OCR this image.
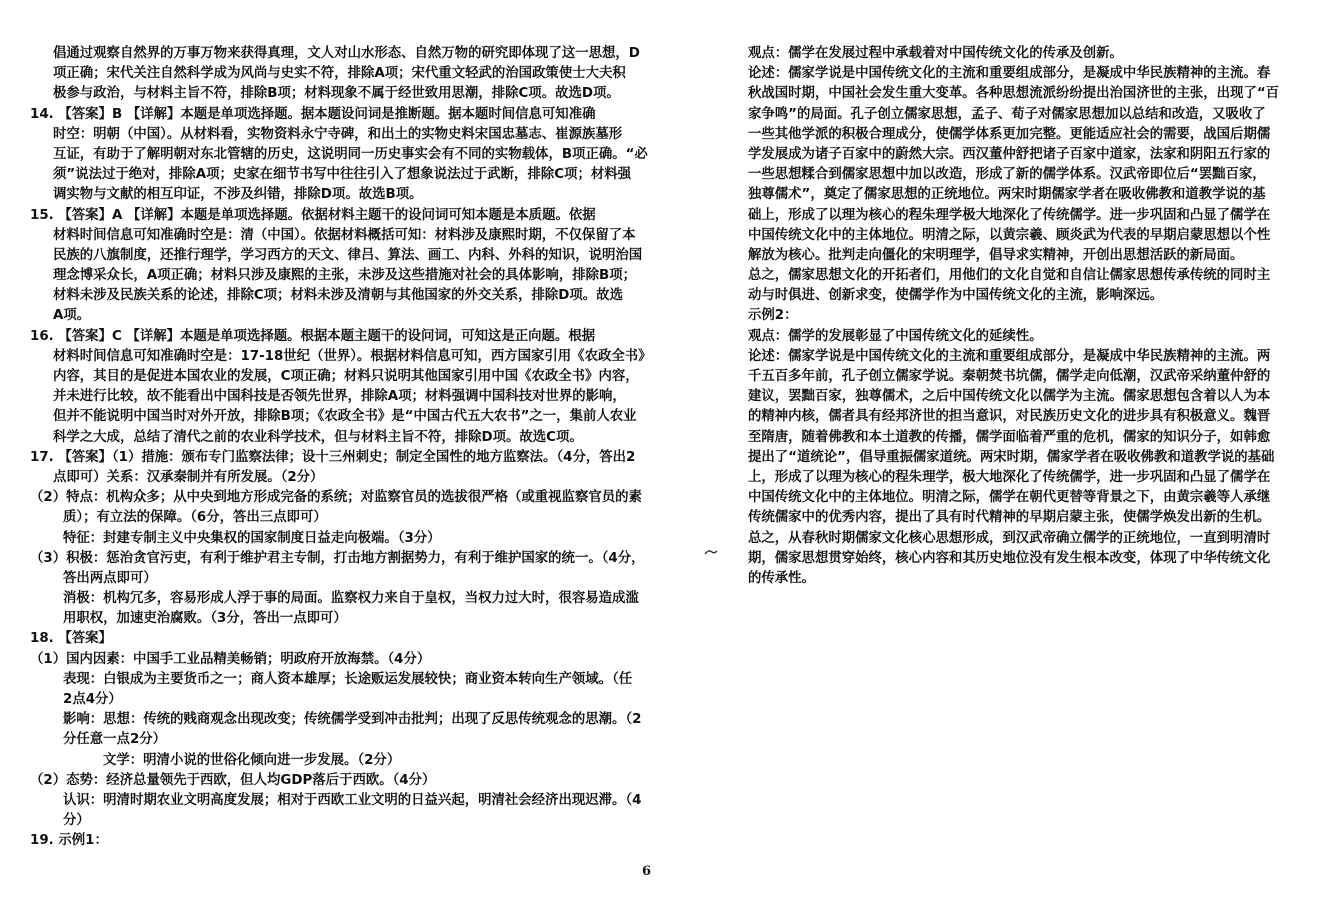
倡通过观察自然界的万事万物来获得真理，文人对山水形态、自然万物的研究即体现了这一思想，D
项正确；宋代关注自然科学成为风尚与史实不符，排除A项；宋代重文轻武的治国政策使士大夫积
极参与政治，与材料主旨不符，排除B项；材料现象不属于经世致用思潮，排除C项。故选D项。
14. 【答案】B 【详解】本题是单项选择题。据本题设问词是推断题。据本题时间信息可知准确
时空：明朝（中国）。从材料看，实物资料永宁寺碑，和出土的实物史料宋国忠墓志、崔源族墓形
互证，有助于了解明朝对东北管辖的历史，这说明同一历史事实会有不同的实物载体，B项正确。“必
须”说法过于绝对，排除A项；史家在细节书写中往往引入了想象说法过于武断，排除C项；材料强
调实物与文献的相互印证，不涉及纠错，排除D项。故选B项。
15. 【答案】A 【详解】本题是单项选择题。依据材料主题干的设问词可知本题是本质题。依据
材料时间信息可知准确时空是：清（中国）。依据材料概括可知：材料涉及康熙时期，不仅保留了本
民族的八旗制度，还推行理学，学习西方的天文、律吕、算法、画工、内科、外科的知识，说明治国
理念博采众长，A项正确；材料只涉及康熙的主张，未涉及这些措施对社会的具体影响，排除B项；
材料未涉及民族关系的论述，排除C项；材料未涉及清朝与其他国家的外交关系，排除D项。故选
A项。
16. 【答案】C 【详解】本题是单项选择题。根据本题主题干的设问词，可知这是正向题。根据
材料时间信息可知准确时空是：17-18世纪（世界）。根据材料信息可知，西方国家引用《农政全书》
内容，其目的是促进本国农业的发展，C项正确；材料只说明其他国家引用中国《农政全书》内容，
并未进行比较，故不能看出中国科技是否领先世界，排除A项；材料强调中国科技对世界的影响，
但并不能说明中国当时对外开放，排除B项；《农政全书》是“中国古代五大农书”之一，集前人农业
科学之大成，总结了清代之前的农业科学技术，但与材料主旨不符，排除D项。故选C项。
17. 【答案】（1）措施：颁布专门监察法律；设十三州刺史；制定全国性的地方监察法。（4分，答出2
点即可）关系：汉承秦制并有所发展。（2分）
（2）特点：机构众多；从中央到地方形成完备的系统；对监察官员的选拔很严格（或重视监察官员的素
质）；有立法的保障。（6分，答出三点即可）
特征：封建专制主义中央集权的国家制度日益走向极端。（3分）
（3）积极：惩治贪官污吏，有利于维护君主专制，打击地方割据势力，有利于维护国家的统一。（4分，
答出两点即可）
消极：机构冗多，容易形成人浮于事的局面。监察权力来自于皇权，当权力过大时，很容易造成滥
用职权，加速吏治腐败。（3分，答出一点即可）
18. 【答案】
（1）国内因素：中国手工业品精美畅销；明政府开放海禁。（4分）
表现：白银成为主要货币之一；商人资本雄厚；长途贩运发展较快；商业资本转向生产领域。（任
2点4分）
影响：思想：传统的贱商观念出现改变；传统儒学受到冲击批判；出现了反思传统观念的思潮。（2
分任意一点2分）
文学：明清小说的世俗化倾向进一步发展。（2分）
（2）态势：经济总量领先于西欧，但人均GDP落后于西欧。（4分）
认识：明清时期农业文明高度发展；相对于西欧工业文明的日益兴起，明清社会经济出现迟滞。（4
分）
19. 示例1：
观点：儒学在发展过程中承载着对中国传统文化的传承及创新。
论述：儒家学说是中国传统文化的主流和重要组成部分，是凝成中华民族精神的主流。春
秋战国时期，中国社会发生重大变革。各种思想流派纷纷提出治国济世的主张，出现了“百
家争鸣”的局面。孔子创立儒家思想，孟子、荀子对儒家思想加以总结和改造，又吸收了
一些其他学派的积极合理成分，使儒学体系更加完整。更能适应社会的需要，战国后期儒
学发展成为诸子百家中的蔚然大宗。西汉董仲舒把诸子百家中道家，法家和阴阳五行家的
一些思想糅合到儒家思想中加以改造，形成了新的儒学体系。汉武帝即位后“罢黜百家，
独尊儒术”，奠定了儒家思想的正统地位。两宋时期儒家学者在吸收佛教和道教学说的基
础上，形成了以理为核心的程朱理学极大地深化了传统儒学。进一步巩固和凸显了儒学在
中国传统文化中的主体地位。明清之际，以黄宗羲、顾炎武为代表的早期启蒙思想以个性
解放为核心。批判走向僵化的宋明理学，倡导求实精神，开创出思想活跃的新局面。
总之，儒家思想文化的开拓者们，用他们的文化自觉和自信让儒家思想传承传统的同时主
动与时俱进、创新求变，使儒学作为中国传统文化的主流，影响深远。
示例2：
观点：儒学的发展彰显了中国传统文化的延续性。
论述：儒家学说是中国传统文化的主流和重要组成部分，是凝成中华民族精神的主流。两
千五百多年前，孔子创立儒家学说。秦朝焚书坑儒，儒学走向低潮，汉武帝采纳董仲舒的
建议，罢黜百家，独尊儒术，之后中国传统文化以儒学为主流。儒家思想包含着以人为本
的精神内核，儒者具有经邦济世的担当意识，对民族历史文化的进步具有积极意义。魏晋
至隋唐，随着佛教和本土道教的传播，儒学面临着严重的危机，儒家的知识分子，如韩愈
提出了“道统论”，倡导重振儒家道统。两宋时期，儒家学者在吸收佛教和道教学说的基础
上，形成了以理为核心的程朱理学，极大地深化了传统儒学，进一步巩固和凸显了儒学在
中国传统文化中的主体地位。明清之际，儒学在朝代更替等背景之下，由黄宗羲等人承继
传统儒家中的优秀内容，提出了具有时代精神的早期启蒙主张，使儒学焕发出新的生机。
总之，从春秋时期儒家文化核心思想形成，到汉武帝确立儒学的正统地位，一直到明清时
期，儒家思想贯穿始终，核心内容和其历史地位没有发生根本改变，体现了中华传统文化
的传承性。
6
